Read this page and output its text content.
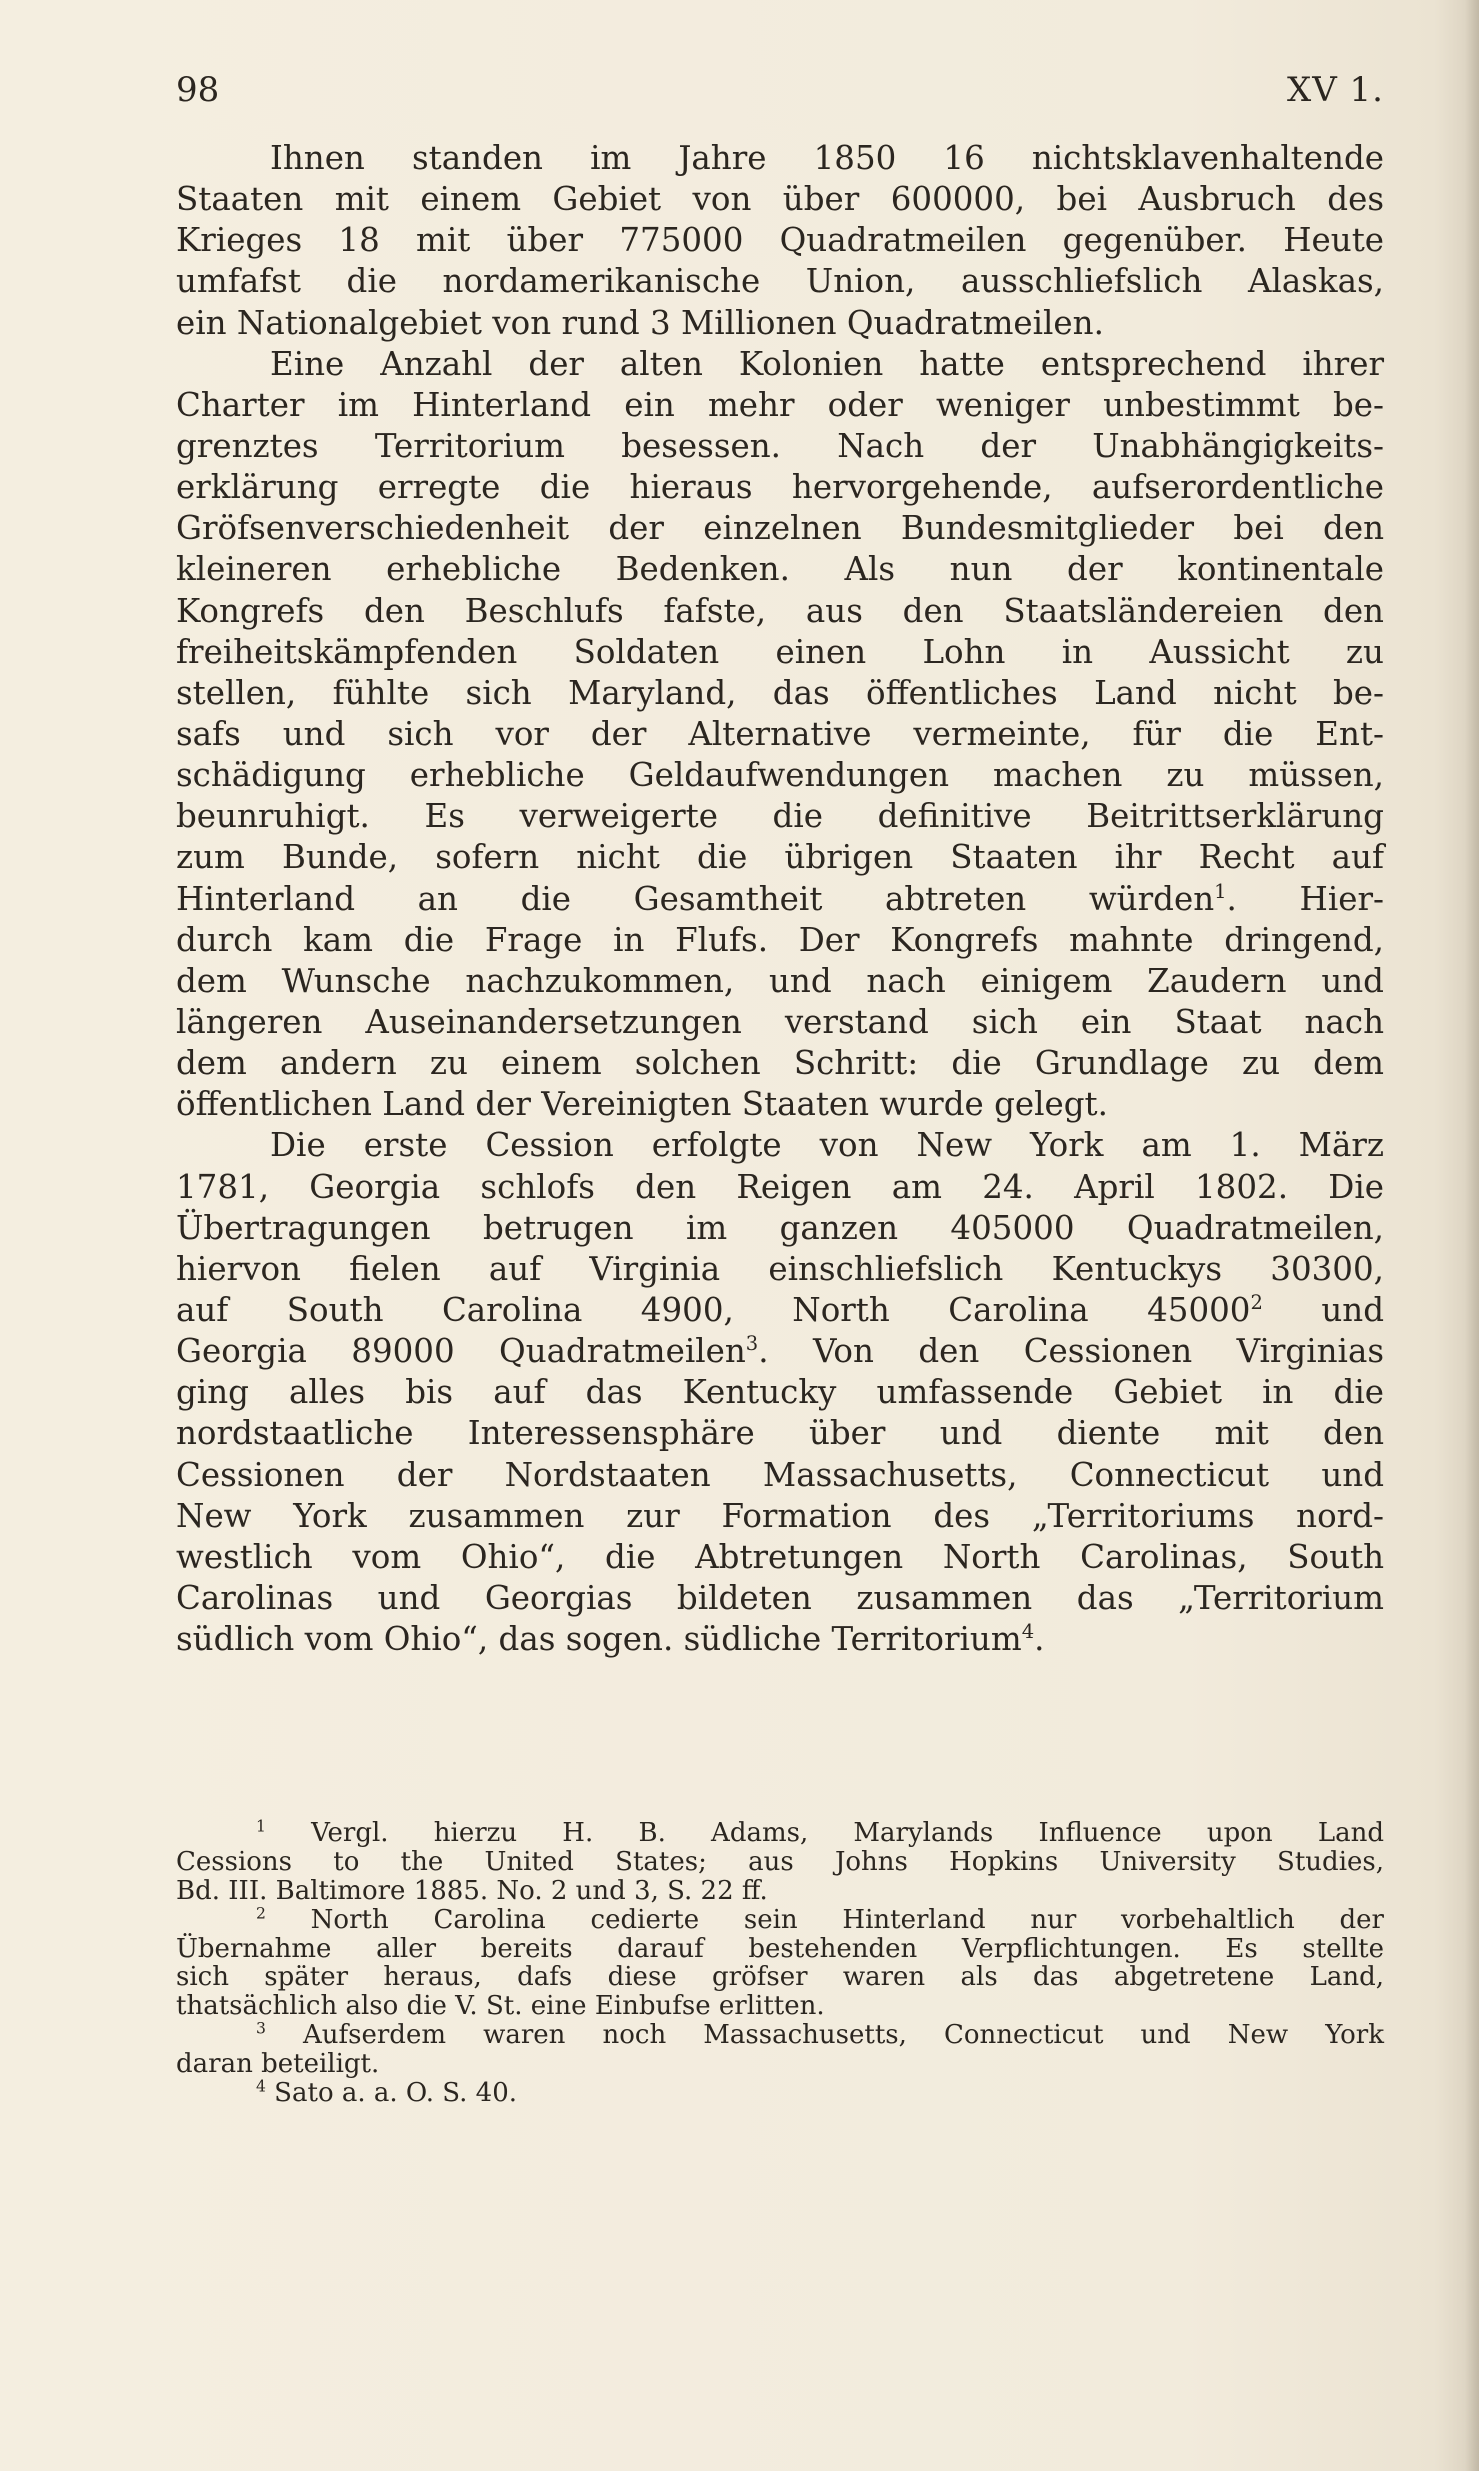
98	XV 1.
Ihnen standen im Jahre 1850 16 nichtsklavenhaltende
Staaten mit einem Gebiet von über 600000, bei Ausbruch des
Krieges 18 mit über 775000 Quadratmeilen gegenüber. Heute
umfafst die nordamerikanische Union, ausschliefslich Alaskas,
ein Nationalgebiet von rund 3 Millionen Quadratmeilen.
Eine Anzahl der alten Kolonien hatte entsprechend ihrer
Charter im Hinterland ein mehr oder weniger unbestimmt be-
grenztes Territorium besessen. Nach der Unabhängigkeits-
erklärung erregte die hieraus hervorgehende, aufserordentliche
Gröfsenverschiedenheit der einzelnen Bundesmitglieder bei den
kleineren erhebliche Bedenken. Als nun der kontinentale
Kongrefs den Beschlufs fafste, aus den Staatsländereien den
freiheitskämpfenden Soldaten einen Lohn in Aussicht zu
stellen, fühlte sich Maryland, das öffentliches Land nicht be-
safs und sich vor der Alternative vermeinte, für die Ent-
schädigung erhebliche Geldaufwendungen machen zu müssen,
beunruhigt. Es verweigerte die definitive Beitrittserklärung
zum Bunde, sofern nicht die übrigen Staaten ihr Recht auf
Hinterland an die Gesamtheit abtreten würden$^1$. Hier-
durch kam die Frage in Flufs. Der Kongrefs mahnte dringend,
dem Wunsche nachzukommen, und nach einigem Zaudern und
längeren Auseinandersetzungen verstand sich ein Staat nach
dem andern zu einem solchen Schritt: die Grundlage zu dem
öffentlichen Land der Vereinigten Staaten wurde gelegt.
Die erste Cession erfolgte von New York am 1. März
1781, Georgia schlofs den Reigen am 24. April 1802. Die
Übertragungen betrugen im ganzen 405000 Quadratmeilen,
hiervon fielen auf Virginia einschliefslich Kentuckys 30300,
auf South Carolina 4900, North Carolina 45000$^2$ und
Georgia 89000 Quadratmeilen$^3$. Von den Cessionen Virginias
ging alles bis auf das Kentucky umfassende Gebiet in die
nordstaatliche Interessensphäre über und diente mit den
Cessionen der Nordstaaten Massachusetts, Connecticut und
New York zusammen zur Formation des „Territoriums nord-
westlich vom Ohio“, die Abtretungen North Carolinas, South
Carolinas und Georgias bildeten zusammen das „Territorium
südlich vom Ohio“, das sogen. südliche Territorium$^4$.
$^1$ Vergl. hierzu H. B. Adams, Marylands Influence upon Land
Cessions to the United States; aus Johns Hopkins University Studies,
Bd. III. Baltimore 1885. No. 2 und 3, S. 22 ff.
$^2$ North Carolina cedierte sein Hinterland nur vorbehaltlich der
Übernahme aller bereits darauf bestehenden Verpflichtungen. Es stellte
sich später heraus, dafs diese gröfser waren als das abgetretene Land,
thatsächlich also die V. St. eine Einbufse erlitten.
$^3$ Aufserdem waren noch Massachusetts, Connecticut und New York
daran beteiligt.
$^4$ Sato a. a. O. S. 40.
